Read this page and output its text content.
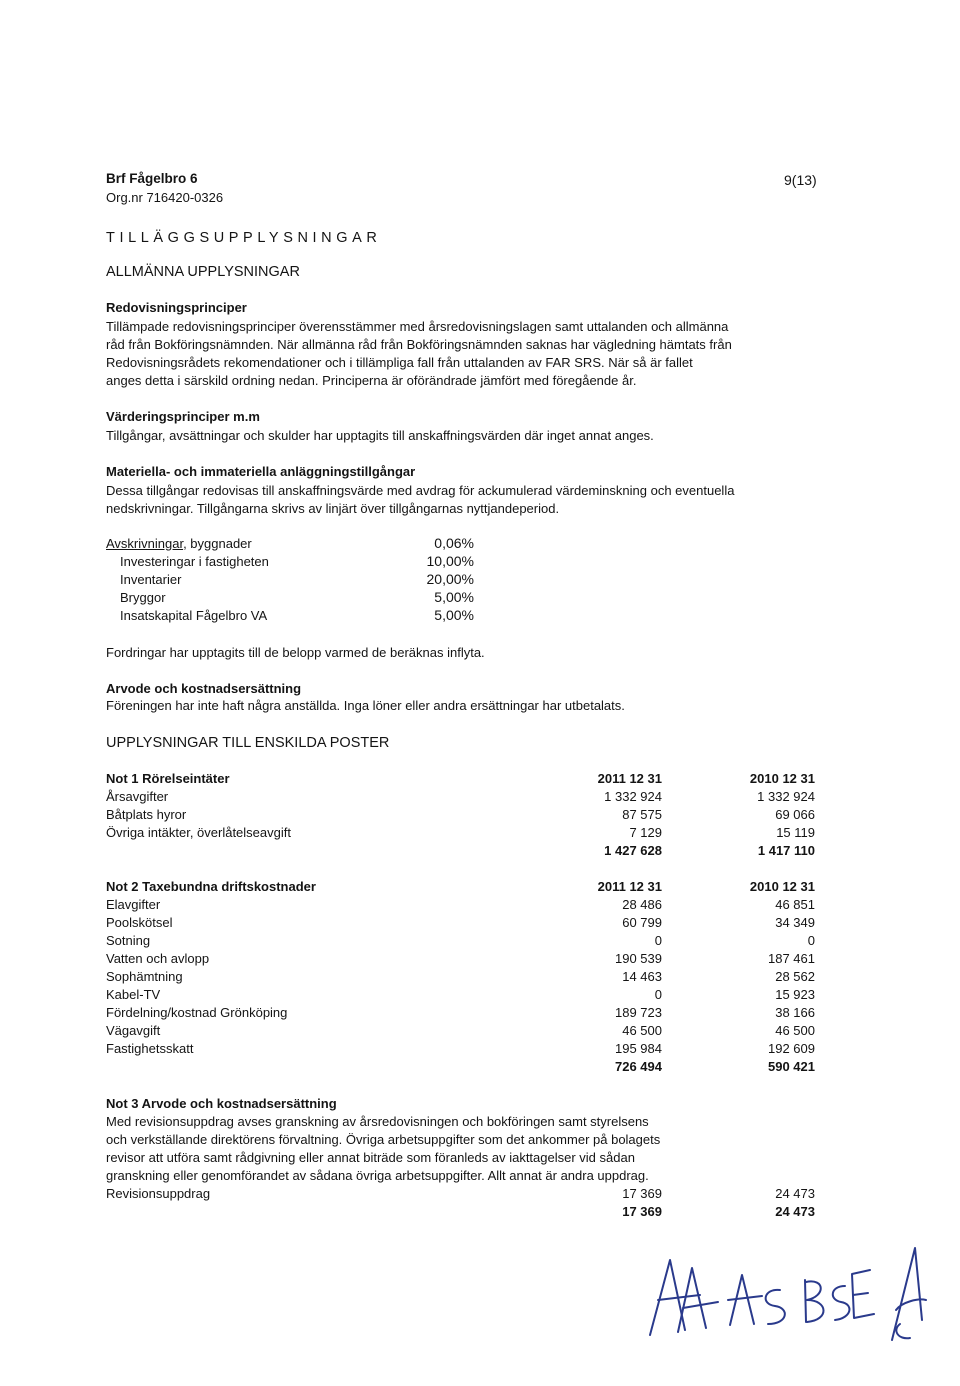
Brf Fågelbro 6
Org.nr 716420-0326
9(13)
TILLÄGGSUPPLYSNINGAR
ALLMÄNNA UPPLYSNINGAR
Redovisningsprinciper

Tillämpade redovisningsprinciper överensstämmer med årsredovisningslagen samt uttalanden och allmänna

råd från Bokföringsnämnden. När allmänna råd från Bokföringsnämnden saknas har vägledning hämtats från

Redovisningsrådets rekomendationer och i tillämpliga fall från uttalanden av FAR SRS. När så är fallet

anges detta i särskild ordning nedan. Principerna är oförändrade jämfört med föregående år.

Värderingsprinciper m.m

Tillgångar, avsättningar och skulder har upptagits till anskaffningsvärden där inget annat anges.

Materiella- och immateriella anläggningstillgångar

Dessa tillgångar redovisas till anskaffningsvärde med avdrag för ackumulerad värdeminskning och eventuella

nedskrivningar. Tillgångarna skrivs av linjärt över tillgångarnas nyttjandeperiod.

Avskrivningar, byggnader	0,06%
Investeringar i fastigheten	10,00%
Inventarier	20,00%
Bryggor	5,00%
Insatskapital Fågelbro VA	5,00%
Fordringar har upptagits till de belopp varmed de beräknas inflyta.
Arvode och kostnadsersättning
Föreningen har inte haft några anställda. Inga löner eller andra ersättningar har utbetalats.
UPPLYSNINGAR TILL ENSKILDA POSTER
Not 1 Rörelseintäter	2011 12 31	2010 12 31
Årsavgifter	1 332 924	1 332 924
Båtplats hyror	87 575	69 066
Övriga intäkter, överlåtelseavgift	7 129	15 119
1 427 628	1 417 110
Not 2 Taxebundna driftskostnader	2011 12 31	2010 12 31
Elavgifter	28 486	46 851
Poolskötsel	60 799	34 349
Sotning	0	0
Vatten och avlopp	190 539	187 461
Sophämtning	14 463	28 562
Kabel-TV	0	15 923
Fördelning/kostnad Grönköping	189 723	38 166
Vägavgift	46 500	46 500
Fastighetsskatt	195 984	192 609
726 494	590 421
Not 3 Arvode och kostnadsersättning

Med revisionsuppdrag avses granskning av årsredovisningen och bokföringen samt styrelsens

och verkställande direktörens förvaltning. Övriga arbetsuppgifter som det ankommer på bolagets

revisor att utföra samt rådgivning eller annat biträde som föranleds av iakttagelser vid sådan

granskning eller genomförandet av sådana övriga arbetsuppgifter. Allt annat är andra uppdrag.

Revisionsuppdrag	17 369	24 473
17 369	24 473
